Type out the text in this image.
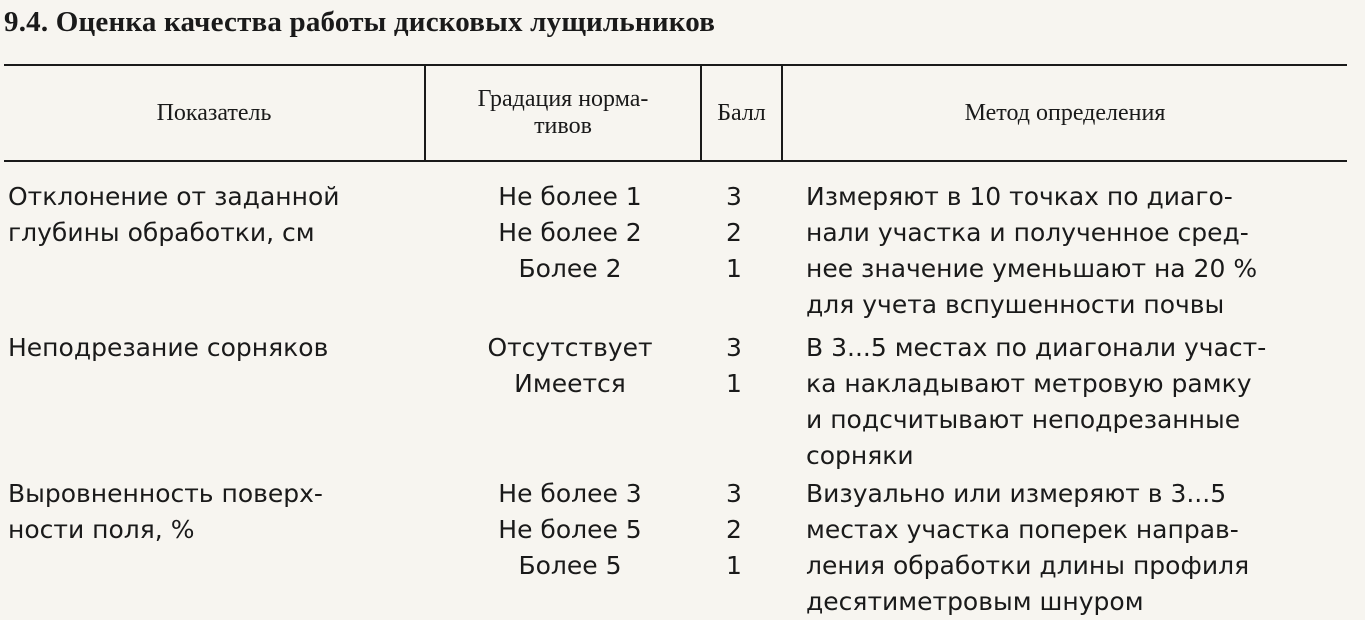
9.4. Оценка качества работы дисковых лущильников
Показатель
Градация норма-
тивов
Балл	Метод определения
Отклонение от заданной
глубины обработки, см
Не более 1
Не более 2
Более 2
3
2
1
Измеряют в 10 точках по диаго-
нали участка и полученное сред-
нее значение уменьшают на 20 %
для учета вспушенности почвы
Неподрезание сорняков	Отсутствует
Имеется
3
1
В 3...5 местах по диагонали участ-
ка накладывают метровую рамку
и подсчитывают неподрезанные
сорняки
Выровненность поверх-
ности поля, %
Не более 3
Не более 5
Более 5
3
2
1
Визуально или измеряют в 3...5
местах участка поперек направ-
ления обработки длины профиля
десятиметровым шнуром
